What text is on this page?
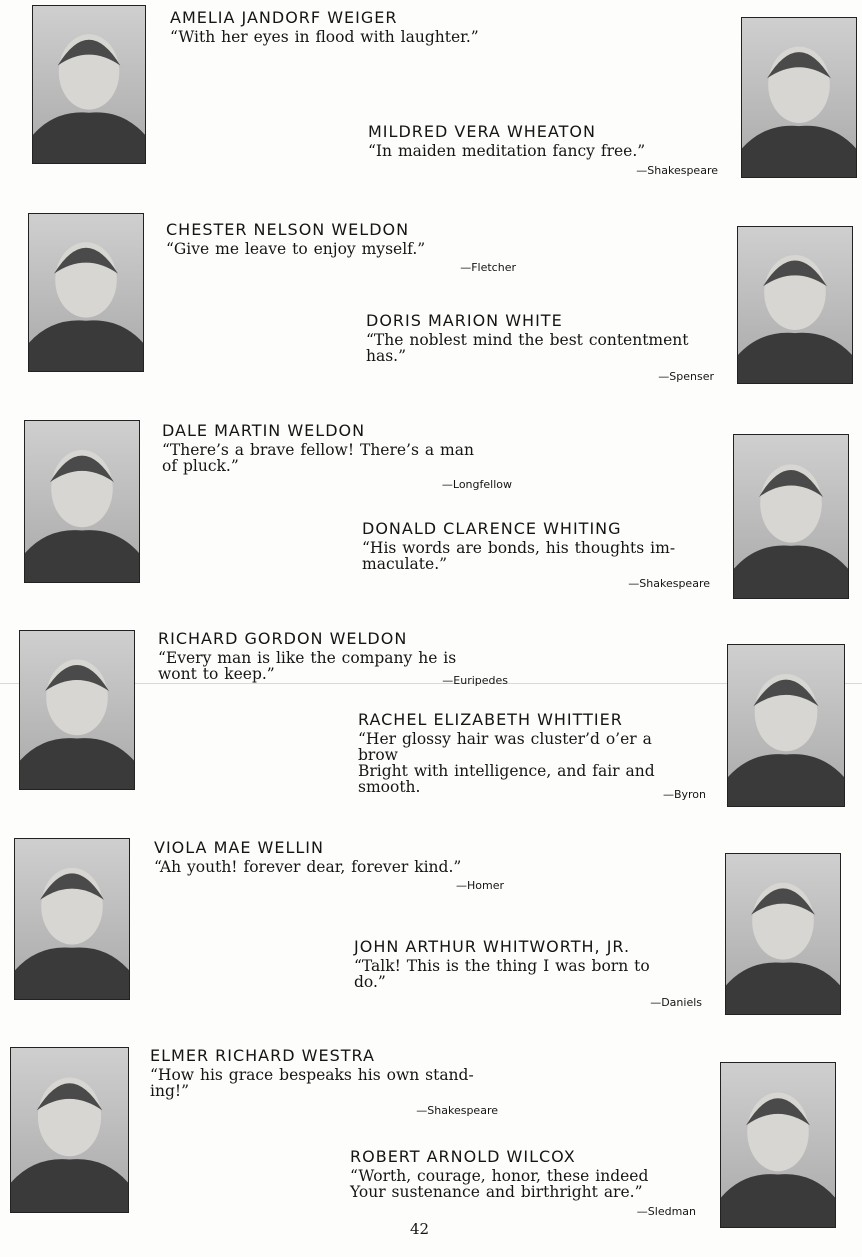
AMELIA JANDORF WEIGER
“With her eyes in flood with laughter.”
MILDRED VERA WHEATON
“In maiden meditation fancy free.”
—Shakespeare
CHESTER NELSON WELDON
“Give me leave to enjoy myself.”
—Fletcher
DORIS MARION WHITE
“The noblest mind the best contentment
has.”
—Spenser
DALE MARTIN WELDON
“There’s a brave fellow! There’s a man
of pluck.”
—Longfellow
DONALD CLARENCE WHITING
“His words are bonds, his thoughts im-
maculate.”
—Shakespeare
RICHARD GORDON WELDON
“Every man is like the company he is
wont to keep.”	—Euripedes
RACHEL ELIZABETH WHITTIER
“Her glossy hair was cluster’d o’er a
brow
Bright with intelligence, and fair and
smooth.	—Byron
VIOLA MAE WELLIN
“Ah youth! forever dear, forever kind.”
—Homer
JOHN ARTHUR WHITWORTH, JR.
“Talk! This is the thing I was born to
do.”
—Daniels
ELMER RICHARD WESTRA
“How his grace bespeaks his own stand-
ing!”
—Shakespeare
ROBERT ARNOLD WILCOX
“Worth, courage, honor, these indeed
Your sustenance and birthright are.”
—Sledman
42
